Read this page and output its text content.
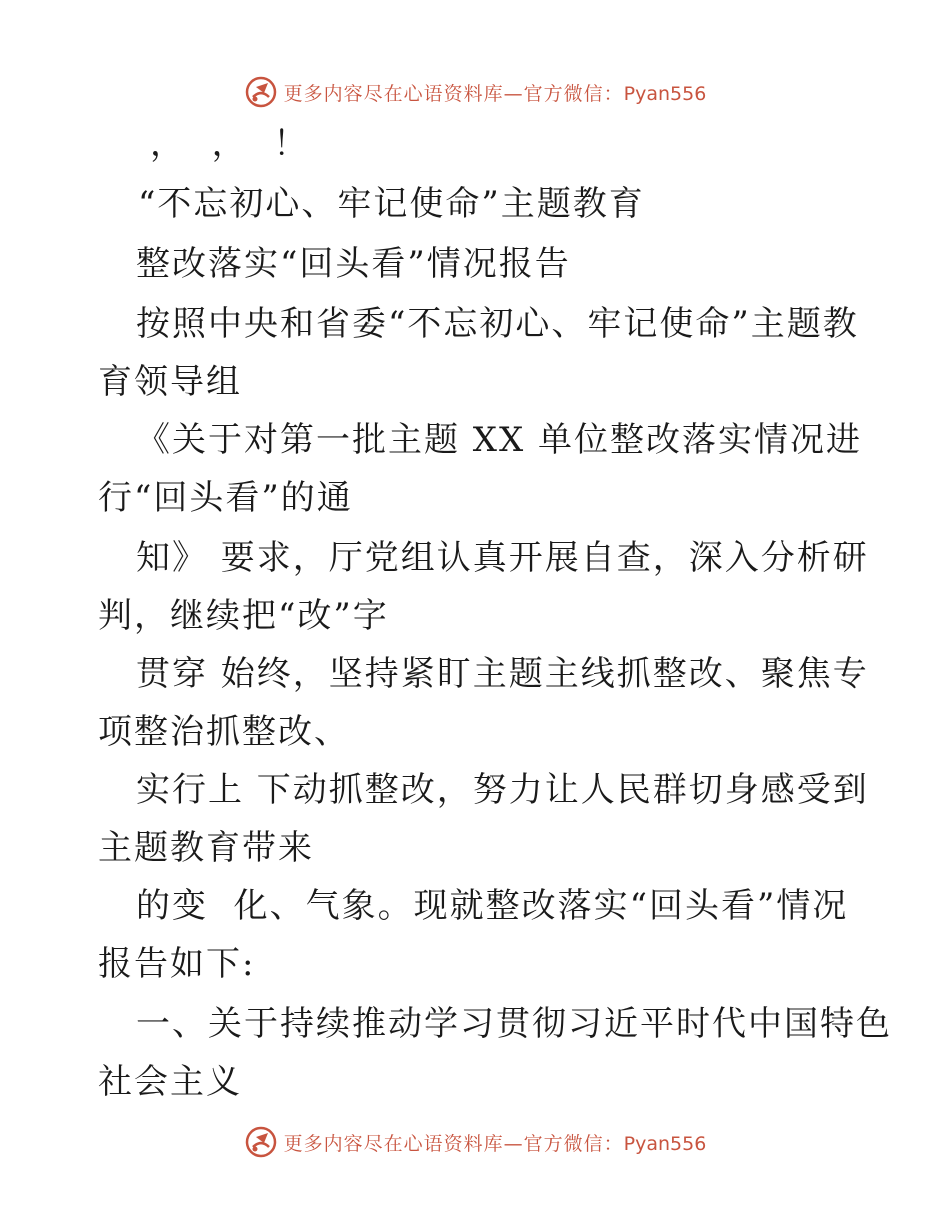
更多内容尽在心语资料库—官方微信：Pyan556
，  ，  ！
“不忘初心、牢记使命”主题教育
整改落实“回头看”情况报告
按照中央和省委“不忘初心、牢记使命”主题教
育领导组
《关于对第一批主题 XX 单位整改落实情况进
行“回头看”的通
知》 要求，厅党组认真开展自查，深入分析研
判，继续把“改”字
贯穿 始终，坚持紧盯主题主线抓整改、聚焦专
项整治抓整改、
实行上 下动抓整改，努力让人民群切身感受到
主题教育带来
的变  化、气象。现就整改落实“回头看”情况
报告如下:
一、关于持续推动学习贯彻习近平时代中国特色
社会主义
更多内容尽在心语资料库—官方微信：Pyan556
